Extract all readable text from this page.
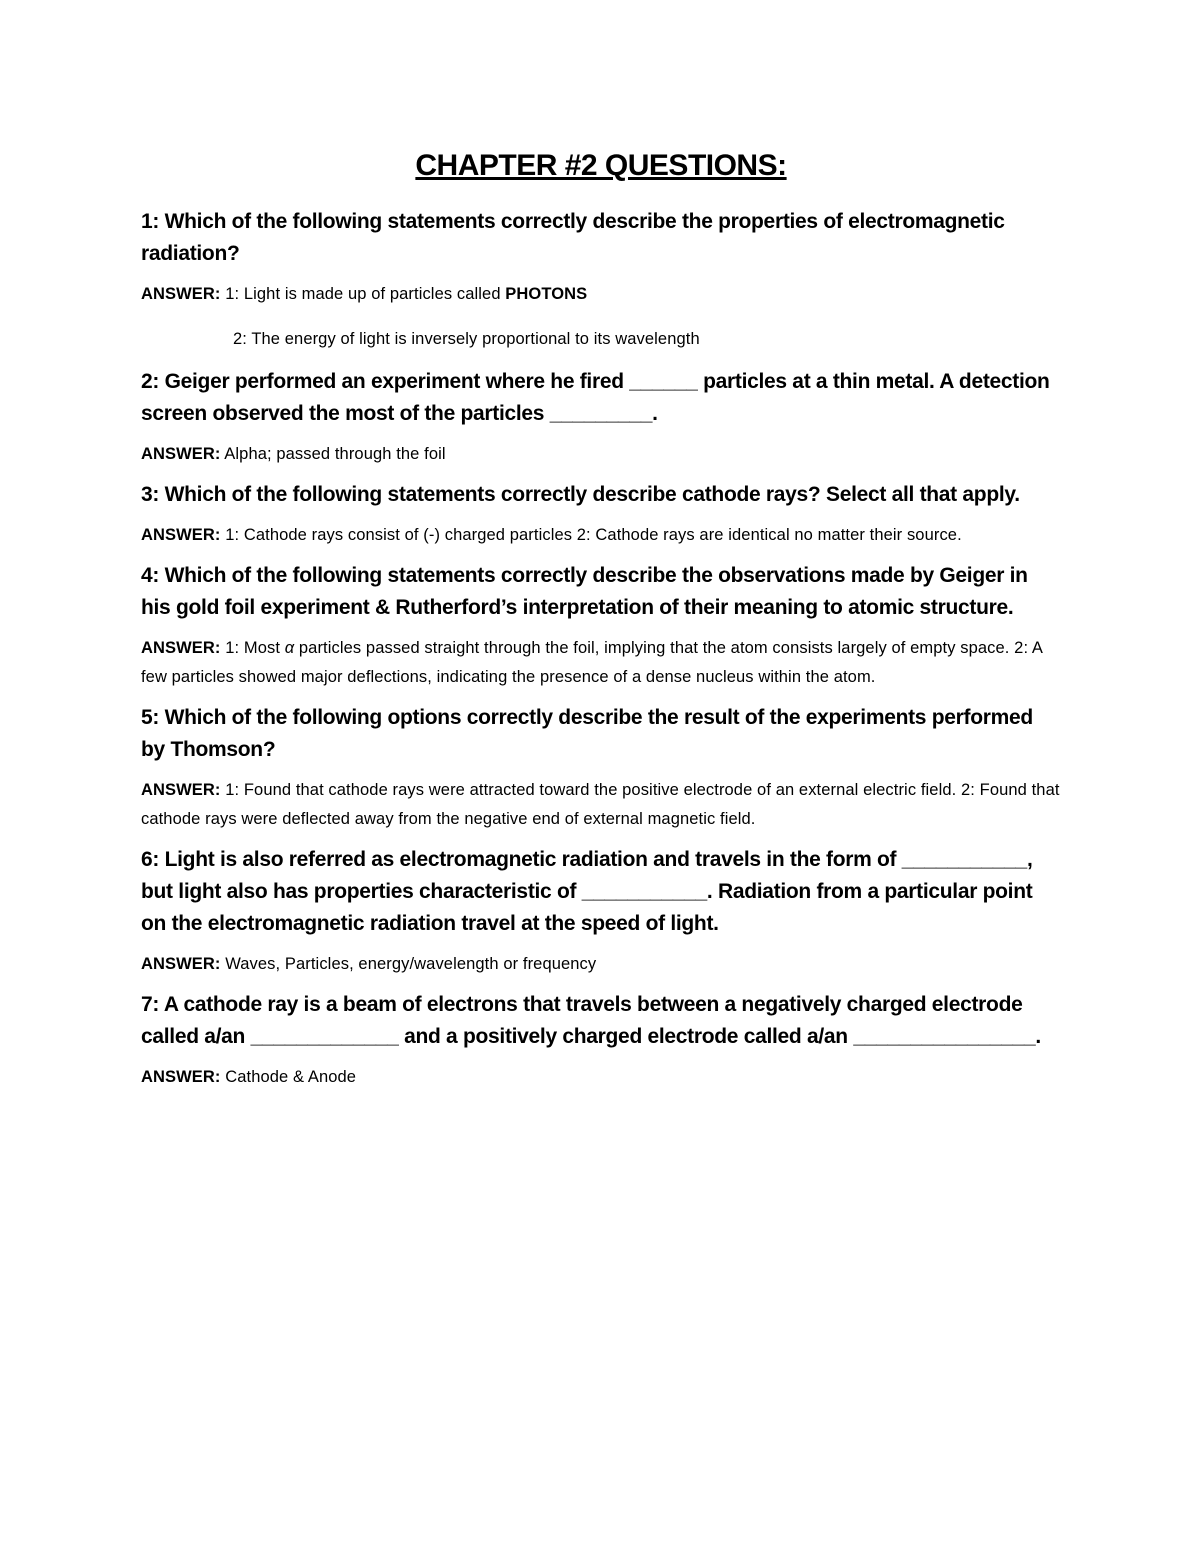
CHAPTER #2 QUESTIONS:

1: Which of the following statements correctly describe the properties of electromagnetic radiation?

ANSWER: 1: Light is made up of particles called PHOTONS

2: The energy of light is inversely proportional to its wavelength

2: Geiger performed an experiment where he fired ______ particles at a thin metal. A detection screen observed the most of the particles _________.

ANSWER: Alpha; passed through the foil

3: Which of the following statements correctly describe cathode rays? Select all that apply.

ANSWER: 1: Cathode rays consist of (-) charged particles 2: Cathode rays are identical no matter their source.

4: Which of the following statements correctly describe the observations made by Geiger in his gold foil experiment & Rutherford’s interpretation of their meaning to atomic structure.

ANSWER: 1: Most α particles passed straight through the foil, implying that the atom consists largely of empty space. 2: A few particles showed major deflections, indicating the presence of a dense nucleus within the atom.

5: Which of the following options correctly describe the result of the experiments performed by Thomson?

ANSWER: 1: Found that cathode rays were attracted toward the positive electrode of an external electric field. 2: Found that cathode rays were deflected away from the negative end of external magnetic field.

6: Light is also referred as electromagnetic radiation and travels in the form of ___________, but light also has properties characteristic of ___________. Radiation from a particular point on the electromagnetic radiation travel at the speed of light.

ANSWER: Waves, Particles, energy/wavelength or frequency

7: A cathode ray is a beam of electrons that travels between a negatively charged electrode called a/an _____________ and a positively charged electrode called a/an ________________.

ANSWER: Cathode & Anode
